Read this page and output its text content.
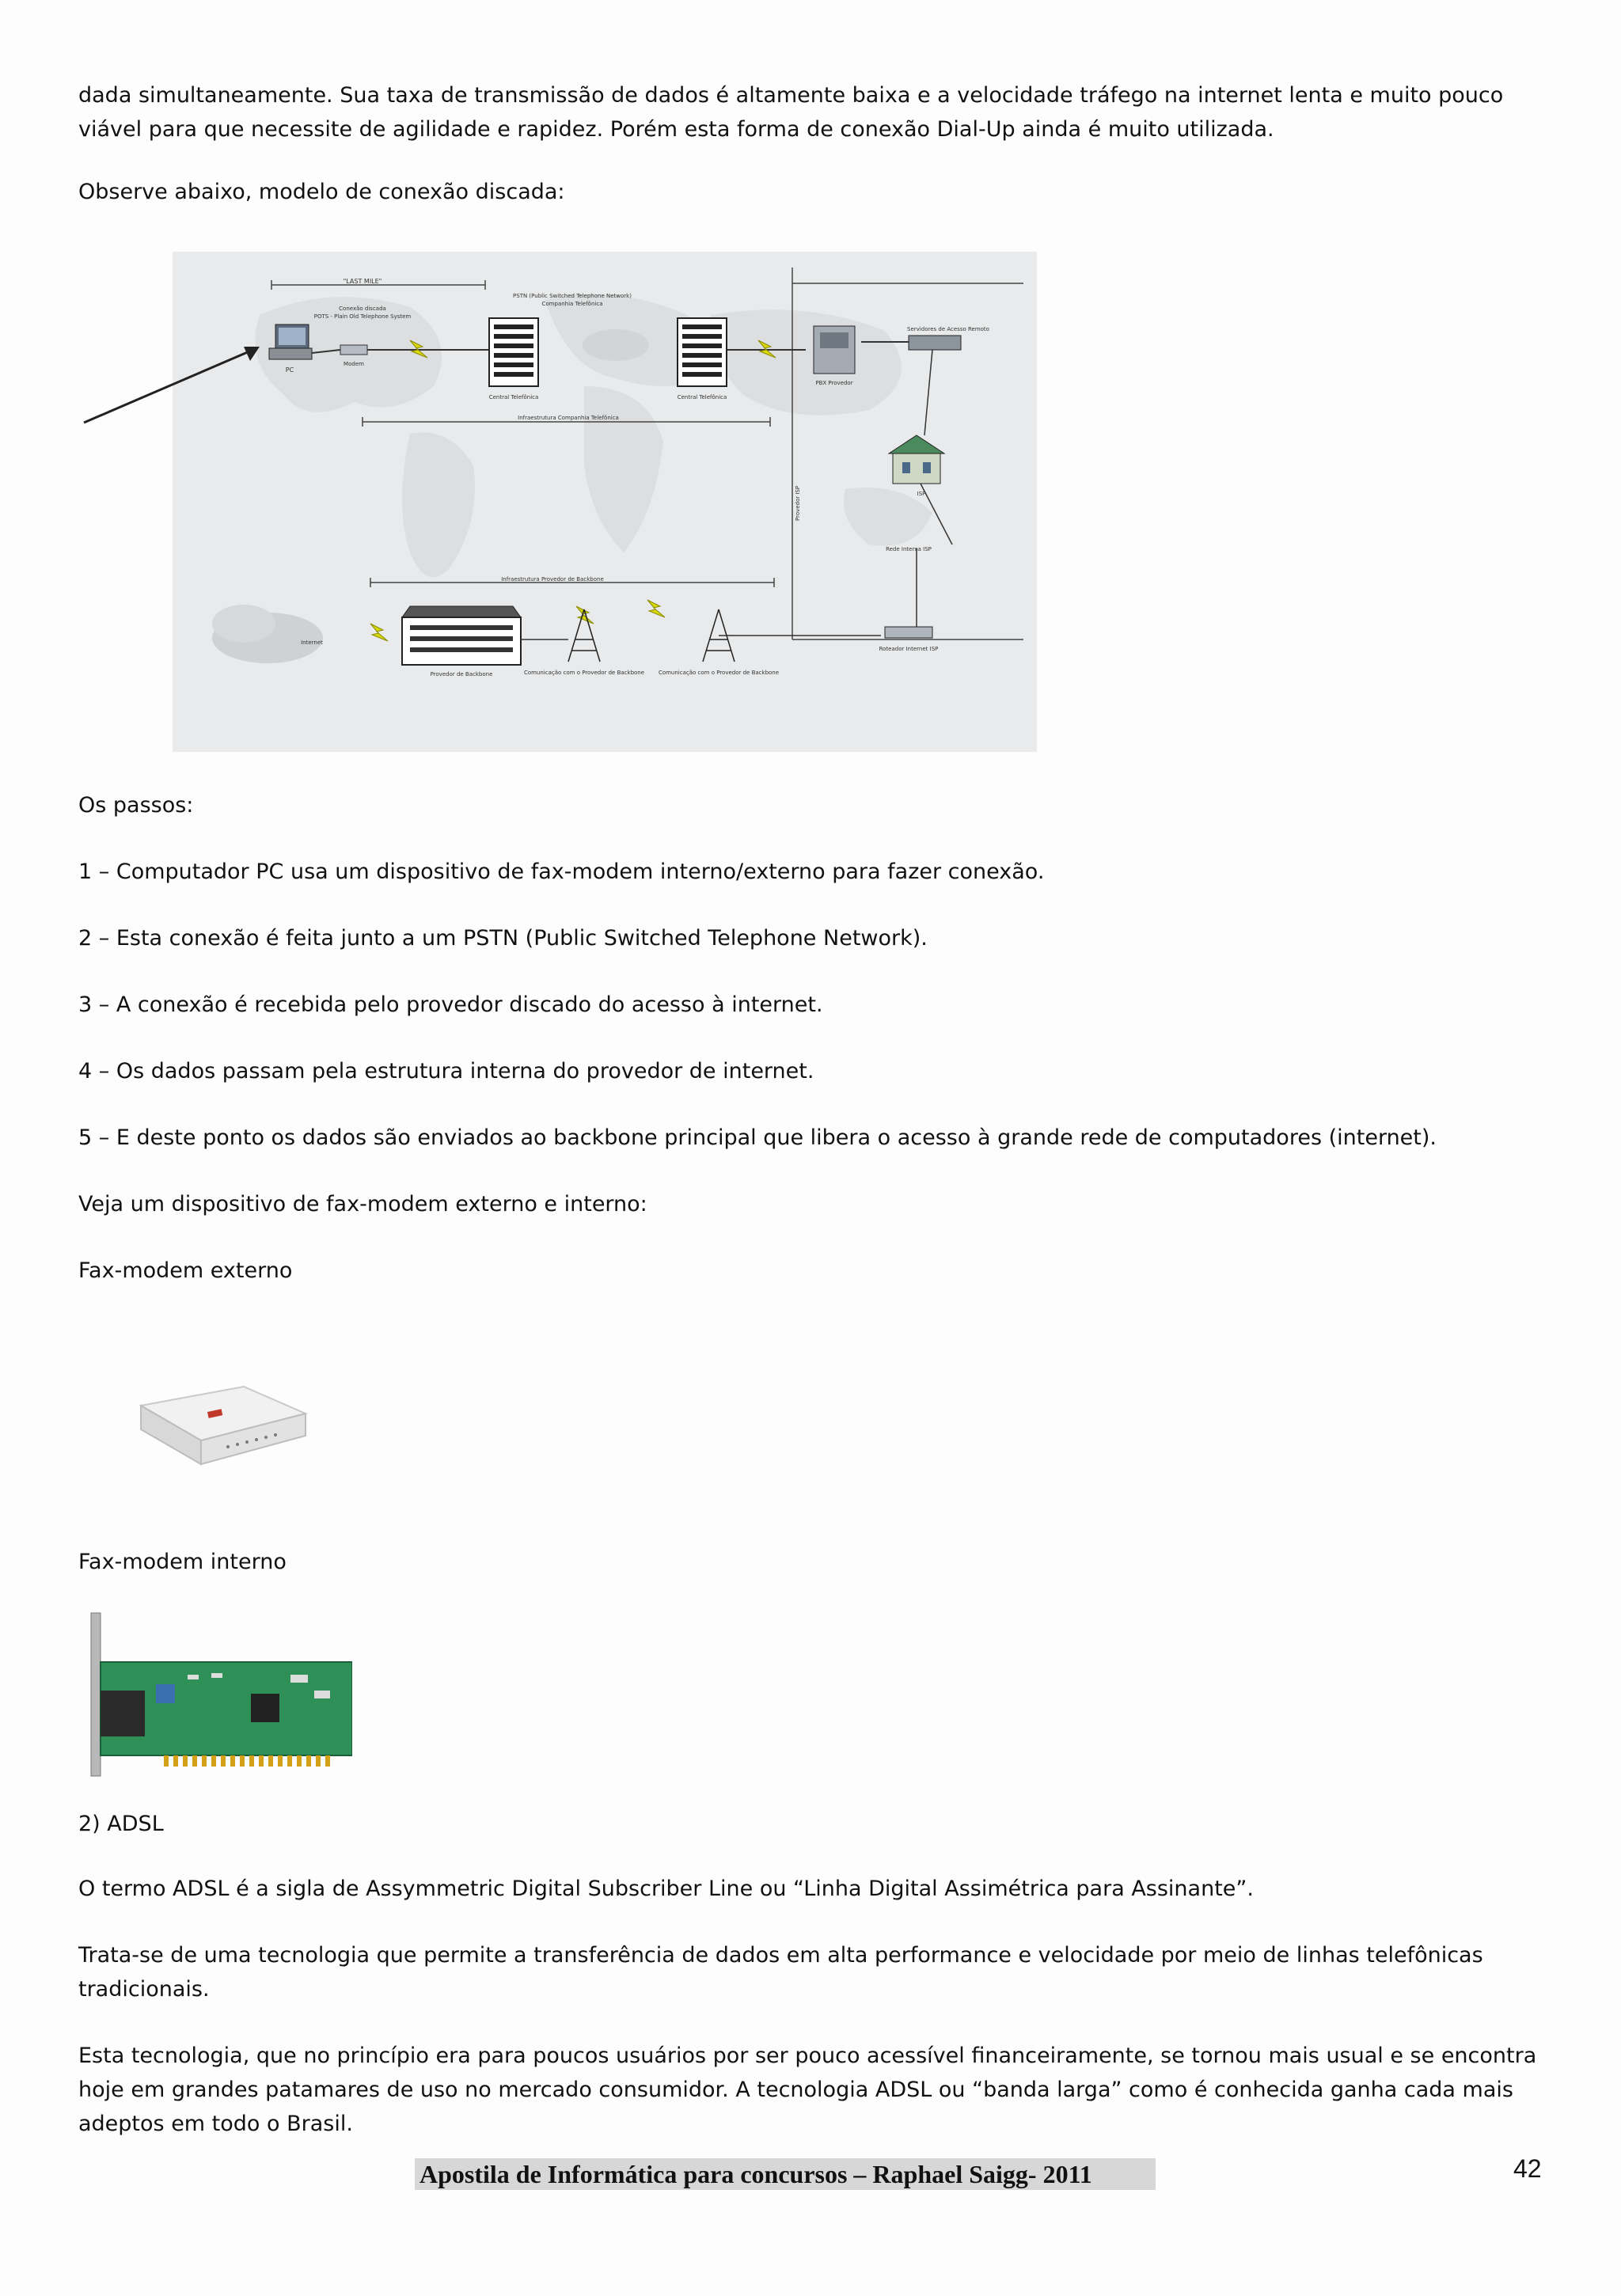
dada simultaneamente. Sua taxa de transmissão de dados é altamente baixa e a velocidade tráfego na internet lenta e muito pouco viável para que necessite de agilidade e rapidez. Porém esta forma de conexão Dial-Up ainda é muito utilizada.

Observe abaixo, modelo de conexão discada:

"LAST MILE"
PSTN (Public Switched Telephone Network)
Companhia Telefônica
Conexão discada
POTS - Plain Old Telephone System
Servidores de Acesso Remoto
PC
Modem
Central Telefônica	Central Telefônica
PBX Provedor
Infraestrutura Companhia Telefônica
ISP
Rede Interna ISP
Provedor ISP
Roteador Internet ISP
Infraestrutura Provedor de Backbone
Internet
Provedor de Backbone	Comunicação com o Provedor de Backbone	Comunicação com o Provedor de Backbone

Os passos:

1 – Computador PC usa um dispositivo de fax-modem interno/externo para fazer conexão.

2 – Esta conexão é feita junto a um PSTN (Public Switched Telephone Network).

3 – A conexão é recebida pelo provedor discado do acesso à internet.

4 – Os dados passam pela estrutura interna do provedor de internet.

5 – E deste ponto os dados são enviados ao backbone principal que libera o acesso à grande rede de computadores (internet).

Veja um dispositivo de fax-modem externo e interno:

Fax-modem externo

Fax-modem interno

2) ADSL

O termo ADSL é a sigla de Assymmetric Digital Subscriber Line ou “Linha Digital Assimétrica para Assinante”.

Trata-se de uma tecnologia que permite a transferência de dados em alta performance e velocidade por meio de linhas telefônicas tradicionais.

Esta tecnologia, que no princípio era para poucos usuários por ser pouco acessível financeiramente, se tornou mais usual e se encontra hoje em grandes patamares de uso no mercado consumidor. A tecnologia ADSL ou “banda larga” como é conhecida ganha cada mais adeptos em todo o Brasil.

Apostila de Informática para concursos – Raphael Saigg- 2011	42
